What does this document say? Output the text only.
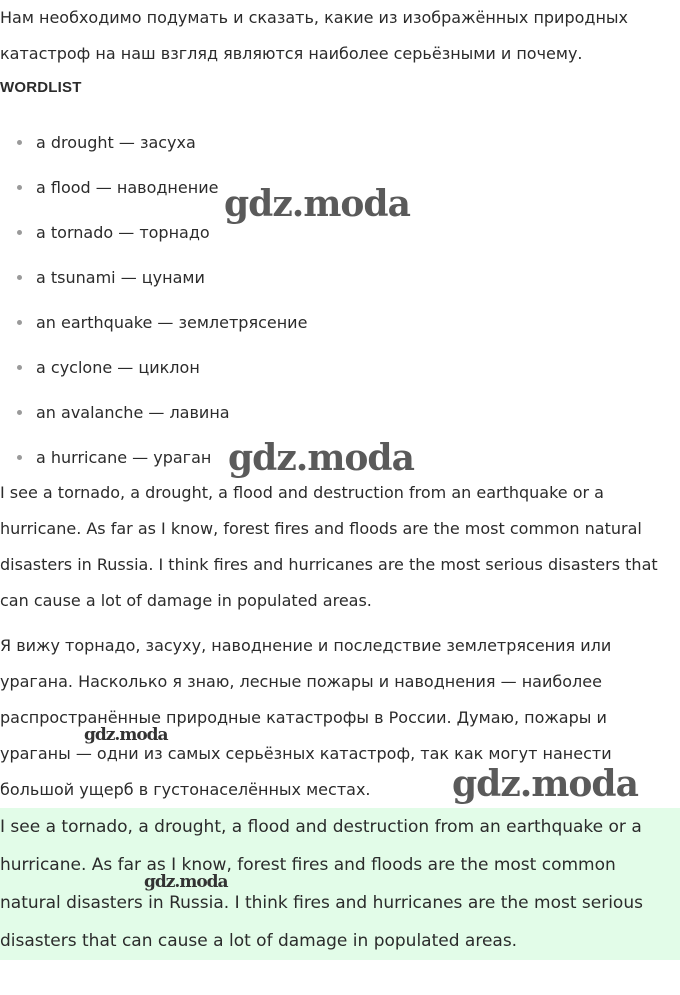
Нам необходимо подумать и сказать, какие из изображённых природных катастроф на наш взгляд являются наиболее серьёзными и почему.

WORDLIST
a drought — засуха
a flood — наводнение
a tornado — торнадо
a tsunami — цунами
an earthquake — землетрясение
a cyclone — циклон
an avalanche — лавина
a hurricane — ураган

I see a tornado, a drought, a flood and destruction from an earthquake or a hurricane. As far as I know, forest fires and floods are the most common natural disasters in Russia. I think fires and hurricanes are the most serious disasters that can cause a lot of damage in populated areas.

Я вижу торнадо, засуху, наводнение и последствие землетрясения или урагана. Насколько я знаю, лесные пожары и наводнения — наиболее распространённые природные катастрофы в России. Думаю, пожары и ураганы — одни из самых серьёзных катастроф, так как могут нанести большой ущерб в густонаселённых местах.

I see a tornado, a drought, a flood and destruction from an earthquake or a hurricane. As far as I know, forest fires and floods are the most common natural disasters in Russia. I think fires and hurricanes are the most serious disasters that can cause a lot of damage in populated areas.

gdz.moda
gdz.moda
gdz.moda
gdz.moda
gdz.moda
